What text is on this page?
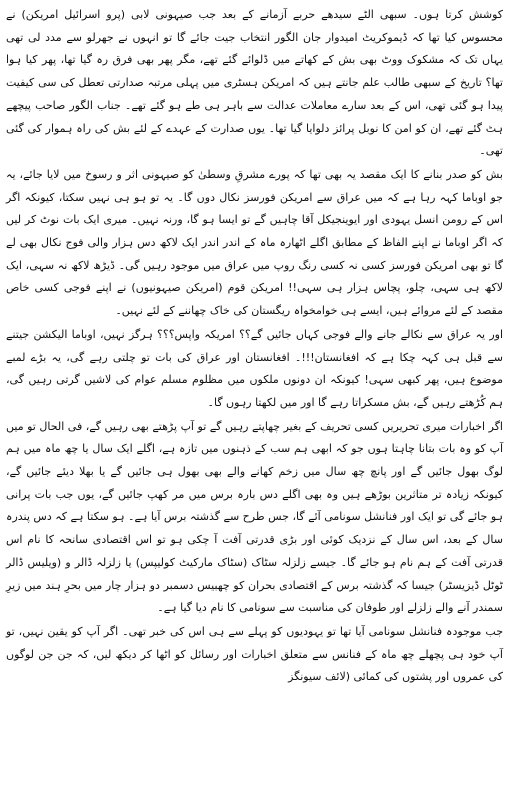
کوشش کرتا ہوں۔ سبھی الٹے سیدھے حربے آزمانے کے بعد جب صیہونی لابی (پرو اسرائیل امریکن) نے محسوس کیا تھا کہ ڈیموکریٹ امیدوار جان الگور انتخاب جیت جائے گا تو انہوں نے جھرلو سے مدد لی تھی یہاں تک کہ مشکوک ووٹ بھی بش کے کھاتے میں ڈلوائے گئے تھے، مگر پھر بھی فرق رہ گیا تھا، پھر کیا ہوا تھا؟ تاریخ کے سبھی طالب علم جانتے ہیں کہ امریکن ہسٹری میں پہلی مرتبہ صدارتی تعطل کی سی کیفیت پیدا ہو گئی تھی، اس کے بعد سارے معاملات عدالت سے باہر ہی طے ہو گئے تھے۔ جناب الگور صاحب پیچھے ہٹ گئے تھے، ان کو امن کا نوبل پرائز دلوایا گیا تھا۔ یوں صدارت کے عہدے کے لئے بش کی راہ ہموار کی گئی تھی۔

بش کو صدر بنانے کا ایک مقصد یہ بھی تھا کہ پورے مشرقِ وسطیٰ کو صیہونی اثر و رسوخ میں لایا جائے، یہ جو اوباما کہہ رہا ہے کہ میں عراق سے امریکن فورسز نکال دوں گا۔ یہ تو ہو ہی نہیں سکتا، کیونکہ اگر اس کے رومن انسل یہودی اور ایوینجیکل آقا چاہیں گے تو ایسا ہو گا، ورنہ نہیں۔ میری ایک بات نوٹ کر لیں کہ اگر اوباما نے اپنے الفاظ کے مطابق اگلے اٹھارہ ماہ کے اندر اندر ایک لاکھ دس ہزار والی فوج نکال بھی لے گا تو بھی امریکن فورسز کسی نہ کسی رنگ روپ میں عراق میں موجود رہیں گی۔ ڈیڑھ لاکھ نہ سہی، ایک لاکھ ہی سہی، چلو، پچاس ہزار ہی سہی!! امریکن قوم (امریکن صیہونیوں) نے اپنے فوجی کسی خاص مقصد کے لئے مروائے ہیں، ایسے ہی خوامخواہ ریگستان کی خاک چھاننے کے لئے نہیں۔

اور یہ عراق سے نکالے جانے والے فوجی کہاں جائیں گے؟؟ امریکہ واپس؟؟؟ ہرگز نہیں، اوباما الیکشن جیتنے سے قبل ہی کہہ چکا ہے کہ افغانستان!!!۔ افغانستان اور عراق کی بات تو چلتی رہے گی، یہ بڑے لمبے موضوع ہیں، پھر کبھی سہی! کیونکہ ان دونوں ملکوں میں مظلوم مسلم عوام کی لاشیں گرتی رہیں گی، ہم کُڑھتے رہیں گے، بش مسکراتا رہے گا اور میں لکھتا رہوں گا۔

اگر اخبارات میری تحریریں کسی تحریف کے بغیر چھاپتے رہیں گے تو آپ پڑھتے بھی رہیں گے، فی الحال تو میں آپ کو وہ بات بتانا چاہتا ہوں جو کہ ابھی ہم سب کے ذہنوں میں تازہ ہے، اگلے ایک سال یا چھ ماہ میں ہم لوگ بھول جائیں گے اور پانچ چھ سال میں زخم کھانے والے بھی بھول ہی جائیں گے یا بھلا دیئے جائیں گے، کیونکہ زیادہ تر متاثرین بوڑھے ہیں وہ بھی اگلے دس بارہ برس میں مر کھپ جائیں گے، یوں جب بات پرانی ہو جائے گی تو ایک اور فنانشل سونامی آئے گا، جس طرح سے گذشتہ برس آیا ہے۔ ہو سکتا ہے کہ دس پندرہ سال کے بعد، اس سال کے نزدیک کوئی اور بڑی قدرتی آفت آ چکی ہو تو اس اقتصادی سانحہ کا نام اس قدرتی آفت کے ہم نام ہو جائے گا۔ جیسے زلزلہ سٹاک (سٹاک مارکیٹ کولیپس) یا زلزلہ ڈالر و (ویلیس ڈالر ٹوٹل ڈیزیسٹر) جیسا کہ گذشتہ برس کے اقتصادی بحران کو چھبیس دسمبر دو ہزار چار میں بحرِ ہند میں زیرِ سمندر آنے والے زلزلے اور طوفان کی مناسبت سے سونامی کا نام دیا گیا ہے۔

جب موجودہ فنانشل سونامی آیا تھا تو یہودیوں کو پہلے سے ہی اس کی خبر تھی۔ اگر آپ کو یقین نہیں، تو آپ خود ہی پچھلے چھ ماہ کے فنانس سے متعلق اخبارات اور رسائل کو اٹھا کر دیکھ لیں، کہ جن جن لوگوں کی عمروں اور پشتوں کی کمائی (لائف سیونگز
